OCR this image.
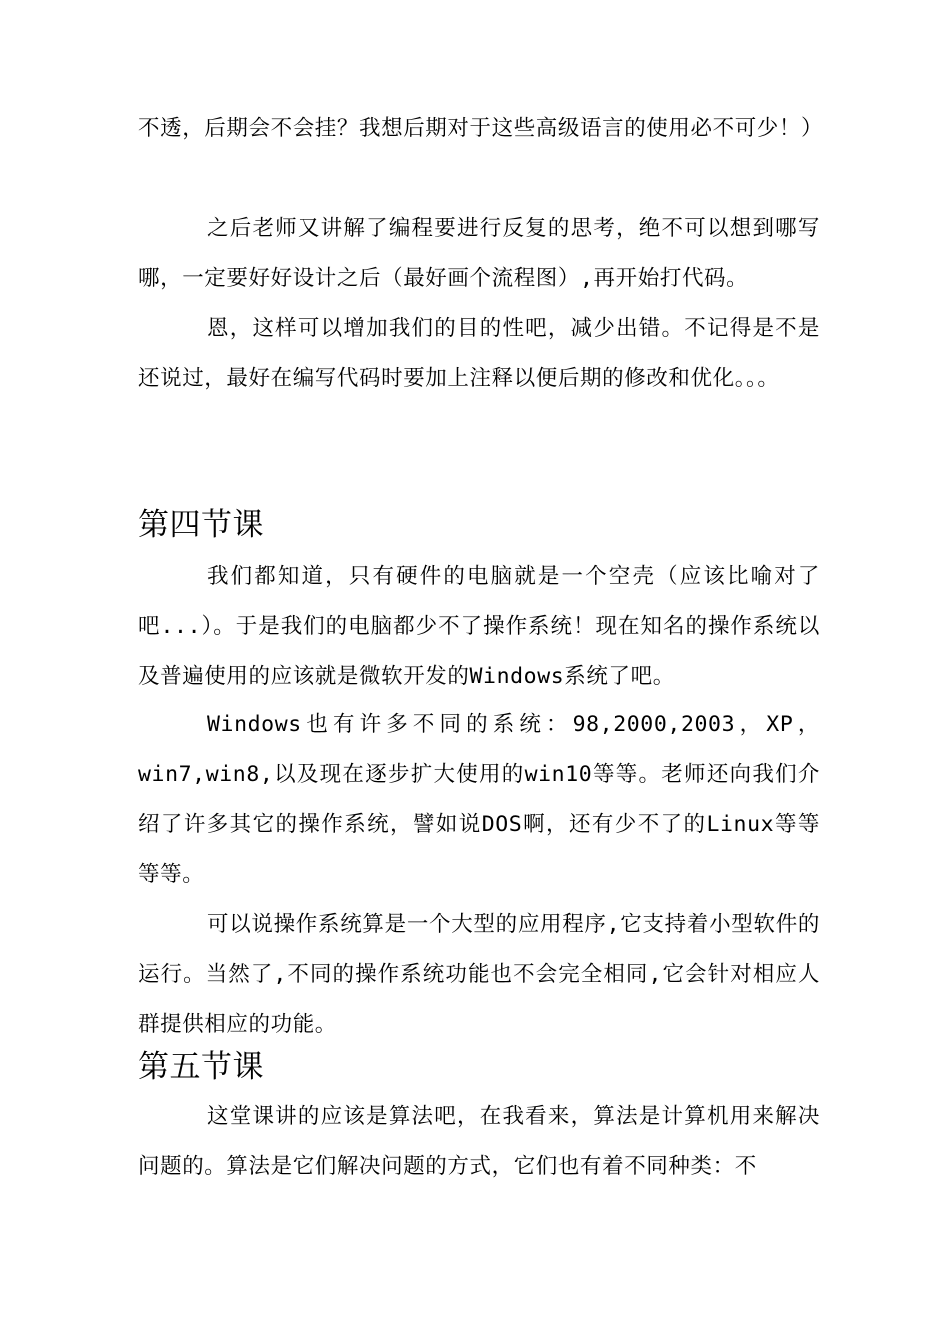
不透，后期会不会挂？我想后期对于这些高级语言的使用必不可少！）

之后老师又讲解了编程要进行反复的思考，绝不可以想到哪写哪，一定要好好设计之后（最好画个流程图）,再开始打代码。

恩，这样可以增加我们的目的性吧，减少出错。不记得是不是还说过，最好在编写代码时要加上注释以便后期的修改和优化。。。

第四节课

我们都知道，只有硬件的电脑就是一个空壳（应该比喻对了吧...）。于是我们的电脑都少不了操作系统！现在知名的操作系统以及普遍使用的应该就是微软开发的Windows系统了吧。

Windows也有许多不同的系统：98,2000,2003，XP，win7,win8,以及现在逐步扩大使用的win10等等。老师还向我们介绍了许多其它的操作系统，譬如说DOS啊，还有少不了的Linux等等等等。

可以说操作系统算是一个大型的应用程序,它支持着小型软件的运行。当然了,不同的操作系统功能也不会完全相同,它会针对相应人群提供相应的功能。

第五节课

这堂课讲的应该是算法吧，在我看来，算法是计算机用来解决问题的。算法是它们解决问题的方式，它们也有着不同种类：不
